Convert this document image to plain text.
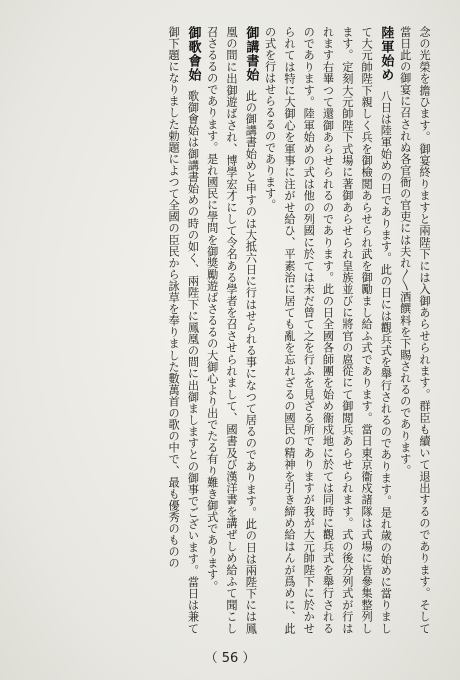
念の光榮を擔ひます。御宴終りますと兩陛下には入御あらせられます。群臣も續いて退出するのであります。そして當日此の御宴に召されぬ各官衙の官吏には夫れ〳〵酒饌料を下賜されるのであります。

陸軍始め八日は陸軍始めの日であります。此の日には觀兵式を舉行されるのであります。是れ歲の始めに當りまして大元帥陛下親しく兵を御檢閲あらせられ武を御勵まし給ふ式であります。當日東京衞戍諸隊は式場に皆參集整列します。定刻大元帥陛下式場に著御あらせられ皇族並びに將官の扈從にて御閲兵あらせられます。式の後分列式が行はれます右畢つて還御あらせられるのであります。此の日全國各師團を始め衞戍地に於ては同時に觀兵式を舉行されるのであります。陸軍始めの式は他の列國に於ては未だ曾て之を行ふを見ざる所でありますが我が大元帥陛下に於かせられては特に大御心を軍事に注がせ給ひ、平素治に居ても亂を忘れざるの國民の精神を引き締め給はんが爲めに、此の式を行はせらるるのであります。

御講書始此の御講書始めと申すのは大抵六日に行はせられる事になつて居るのであります。此の日は兩陛下には鳳凰の間に出御遊ばされ、博學宏才にして令名ある學者を召させられまして、國書及び漢洋書を講ぜしめ給ふて聞こし召さるるのであります。是れ國民に學問を御獎勵遊ばさるるの大御心より出でたる有り難き御式であります。

御歌會始歌御會始は御講書始めの時の如く、兩陛下に鳳凰の間に出御ましますとの御事でございます。當日は兼て御下題になりました勅題によつて全國の臣民から詠草を奉りました數萬首の歌の中で、最も優秀のものの

（ 56 ）
